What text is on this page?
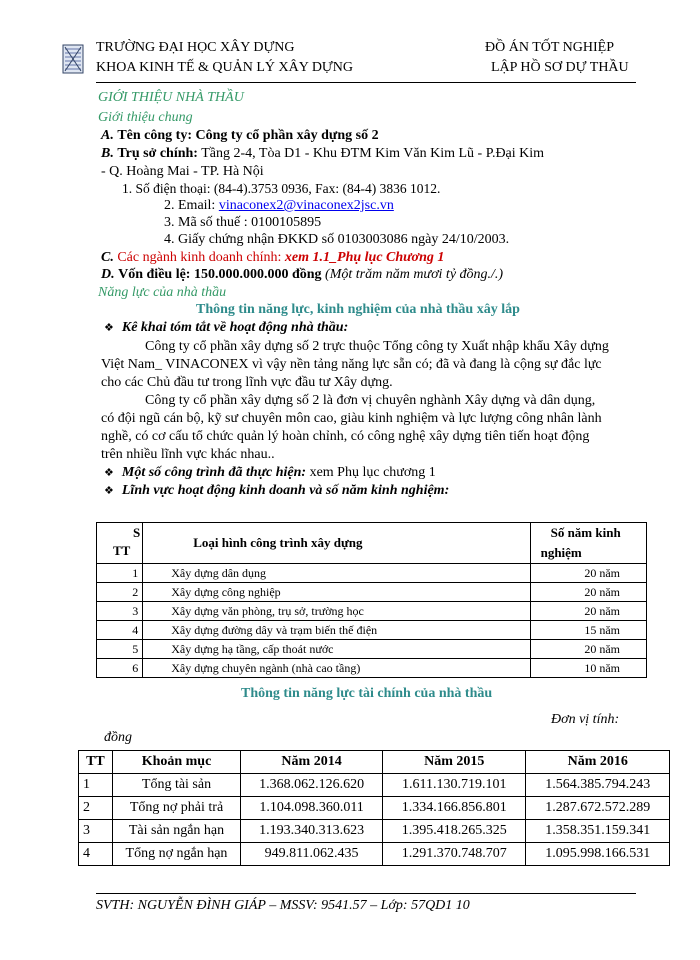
TRƯỜNG ĐẠI HỌC XÂY DỰNG
KHOA KINH TẾ & QUẢN LÝ XÂY DỰNG
ĐỒ ÁN TỐT NGHIỆP
LẬP HỒ SƠ DỰ THẦU
GIỚI THIỆU NHÀ THẦU
Giới thiệu chung
A. Tên công ty: Công ty cổ phần xây dựng số 2
B. Trụ sở chính: Tầng 2-4, Tòa D1 - Khu ĐTM Kim Văn Kim Lũ - P.Đại Kim
- Q. Hoàng Mai - TP. Hà Nội
1. Số điện thoại: (84-4).3753 0936, Fax: (84-4) 3836 1012.
2. Email: vinaconex2@vinaconex2jsc.vn
3. Mã số thuế : 0100105895
4. Giấy chứng nhận ĐKKD số 0103003086 ngày 24/10/2003.
C. Các ngành kinh doanh chính: xem 1.1_Phụ lục Chương 1
D. Vốn điều lệ: 150.000.000.000 đồng (Một trăm năm mươi tỷ đồng./.)
Năng lực của nhà thầu
Thông tin năng lực, kinh nghiệm của nhà thầu xây lắp
❖ Kê khai tóm tắt về hoạt động nhà thầu:
Công ty cổ phần xây dựng số 2 trực thuộc Tổng công ty Xuất nhập khẩu Xây dựng
Việt Nam_ VINACONEX vì vậy nền tảng năng lực sẵn có; đã và đang là cộng sự đắc lực
cho các Chủ đầu tư trong lĩnh vực đầu tư Xây dựng.
Công ty cổ phần xây dựng số 2 là đơn vị chuyên nghành Xây dựng và dân dụng,
có đội ngũ cán bộ, kỹ sư chuyên môn cao, giàu kinh nghiệm và lực lượng công nhân lành
nghề, có cơ cấu tổ chức quản lý hoàn chỉnh, có công nghệ xây dựng tiên tiến hoạt động
trên nhiều lĩnh vực khác nhau..
❖ Một số công trình đã thực hiện: xem Phụ lục chương 1
❖ Lĩnh vực hoạt động kinh doanh và số năm kinh nghiệm:
S
TT	Loại hình công trình xây dựng	Số năm kinh
nghiệm

1	Xây dựng dân dụng	20 năm
2	Xây dựng công nghiệp	20 năm
3	Xây dựng văn phòng, trụ sở, trường học	20 năm
4	Xây dựng đường dây và trạm biến thế điện	15 năm
5	Xây dựng hạ tầng, cấp thoát nước	20 năm
6	Xây dựng chuyên ngành (nhà cao tầng)	10 năm
Thông tin năng lực tài chính của nhà thầu
Đơn vị tính:
đồng
TT	Khoản mục	Năm 2014	Năm 2015	Năm 2016
1	Tổng tài sản	1.368.062.126.620	1.611.130.719.101	1.564.385.794.243
2	Tổng nợ phải trả	1.104.098.360.011	1.334.166.856.801	1.287.672.572.289
3	Tài sản ngắn hạn	1.193.340.313.623	1.395.418.265.325	1.358.351.159.341
4	Tổng nợ ngắn hạn	949.811.062.435	1.291.370.748.707	1.095.998.166.531
SVTH: NGUYỄN ĐÌNH GIÁP – MSSV: 9541.57 – Lớp: 57QD1 10
